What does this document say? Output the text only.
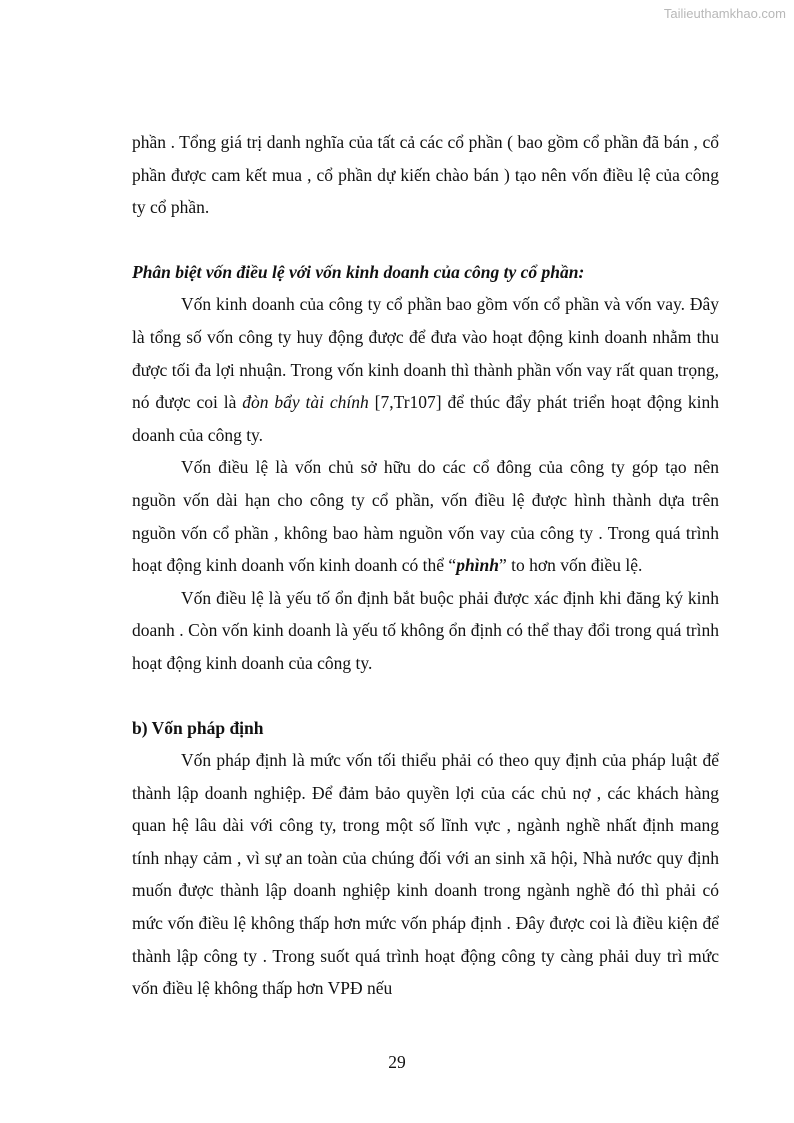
Tailieuthamkhao.com

phần . Tổng giá trị danh nghĩa của tất cả các cổ phần ( bao gồm cổ phần đã bán , cổ phần được cam kết mua , cổ phần dự kiến chào bán ) tạo nên vốn điều lệ của công ty cổ phần.

Phân biệt vốn điều lệ với vốn kinh doanh của công ty cổ phần:

Vốn kinh doanh của công ty cổ phần bao gồm vốn cổ phần và vốn vay. Đây là tổng số vốn công ty huy động được để đưa vào hoạt động kinh doanh nhằm thu được tối đa lợi nhuận. Trong vốn kinh doanh thì thành phần vốn vay rất quan trọng, nó được coi là đòn bẩy tài chính [7,Tr107] để thúc đẩy phát triển hoạt động kinh doanh của công ty.

Vốn điều lệ là vốn chủ sở hữu do các cổ đông của công ty góp tạo nên nguồn vốn dài hạn cho công ty cổ phần, vốn điều lệ được hình thành dựa trên nguồn vốn cổ phần , không bao hàm nguồn vốn vay của công ty . Trong quá trình hoạt động kinh doanh vốn kinh doanh có thể “phình” to hơn vốn điều lệ.

Vốn điều lệ là yếu tố ổn định bắt buộc phải được xác định khi đăng ký kinh doanh . Còn vốn kinh doanh là yếu tố không ổn định có thể thay đổi trong quá trình hoạt động kinh doanh của công ty.

b) Vốn pháp định

Vốn pháp định là mức vốn tối thiểu phải có theo quy định của pháp luật để thành lập doanh nghiệp. Để đảm bảo quyền lợi của các chủ nợ , các khách hàng quan hệ lâu dài với công ty, trong một số lĩnh vực , ngành nghề nhất định mang tính nhạy cảm , vì sự an toàn của chúng đối với an sinh xã hội, Nhà nước quy định muốn được thành lập doanh nghiệp kinh doanh trong ngành nghề đó thì phải có mức vốn điều lệ không thấp hơn mức vốn pháp định . Đây được coi là điều kiện để thành lập công ty . Trong suốt quá trình hoạt động công ty càng phải duy trì mức vốn điều lệ không thấp hơn VPĐ nếu

29
